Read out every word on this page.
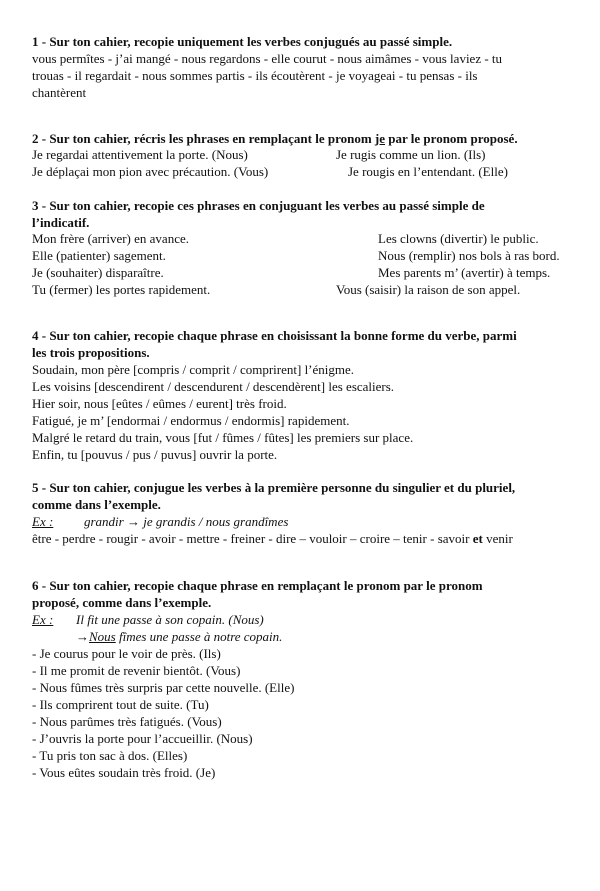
1 - Sur ton cahier, recopie uniquement les verbes conjugués au passé simple.
vous permîtes - j’ai mangé - nous regardons - elle courut - nous aimâmes - vous laviez - tu
trouas - il regardait - nous sommes partis - ils écoutèrent - je voyageai - tu pensas - ils
chantèrent
2 - Sur ton cahier, récris les phrases en remplaçant le pronom je par le pronom proposé.
Je regardai attentivement la porte. (Nous)	Je rugis comme un lion. (Ils)
Je déplaçai mon pion avec précaution. (Vous)	Je rougis en l’entendant. (Elle)
3 - Sur ton cahier, recopie ces phrases en conjuguant les verbes au passé simple de
l’indicatif.
Mon frère (arriver) en avance.	Les clowns (divertir) le public.
Elle (patienter) sagement.	Nous (remplir) nos bols à ras bord.
Je (souhaiter) disparaître.	Mes parents m’ (avertir) à temps.
Tu (fermer) les portes rapidement.	Vous (saisir) la raison de son appel.
4 - Sur ton cahier, recopie chaque phrase en choisissant la bonne forme du verbe, parmi
les trois propositions.
Soudain, mon père [compris / comprit / comprirent] l’énigme.
Les voisins [descendirent / descendurent / descendèrent] les escaliers.
Hier soir, nous [eûtes / eûmes / eurent] très froid.
Fatigué, je m’ [endormai / endormus / endormis] rapidement.
Malgré le retard du train, vous [fut / fûmes / fûtes] les premiers sur place.
Enfin, tu [pouvus / pus / puvus] ouvrir la porte.
5 - Sur ton cahier, conjugue les verbes à la première personne du singulier et du pluriel,
comme dans l’exemple.
Ex : grandir → je grandis / nous grandîmes
être - perdre - rougir - avoir - mettre - freiner - dire – vouloir – croire – tenir - savoir et venir
6 - Sur ton cahier, recopie chaque phrase en remplaçant le pronom par le pronom
proposé, comme dans l’exemple.
Ex : Il fit une passe à son copain. (Nous)
→Nous fîmes une passe à notre copain.
- Je courus pour le voir de près. (Ils)
- Il me promit de revenir bientôt. (Vous)
- Nous fûmes très surpris par cette nouvelle. (Elle)
- Ils comprirent tout de suite. (Tu)
- Nous parûmes très fatigués. (Vous)
- J’ouvris la porte pour l’accueillir. (Nous)
- Tu pris ton sac à dos. (Elles)
- Vous eûtes soudain très froid. (Je)
